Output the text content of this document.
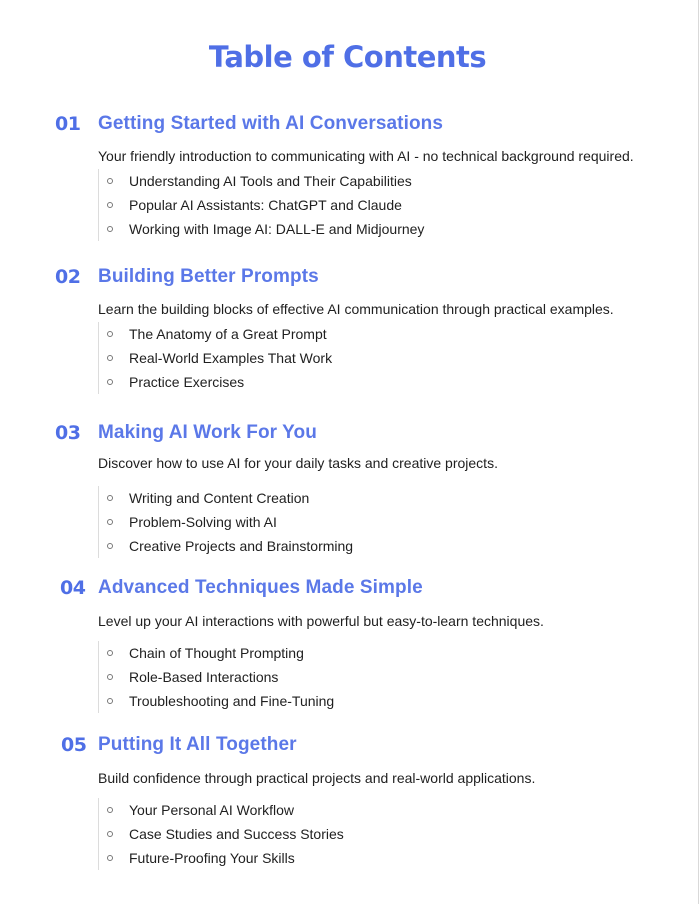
Table of Contents
01 Getting Started with AI Conversations

Your friendly introduction to communicating with AI - no technical background required.

Understanding AI Tools and Their Capabilities
Popular AI Assistants: ChatGPT and Claude
Working with Image AI: DALL-E and Midjourney
02 Building Better Prompts

Learn the building blocks of effective AI communication through practical examples.

The Anatomy of a Great Prompt
Real-World Examples That Work
Practice Exercises
03 Making AI Work For You

Discover how to use AI for your daily tasks and creative projects.

Writing and Content Creation
Problem-Solving with AI
Creative Projects and Brainstorming
04 Advanced Techniques Made Simple

Level up your AI interactions with powerful but easy-to-learn techniques.

Chain of Thought Prompting
Role-Based Interactions
Troubleshooting and Fine-Tuning
05 Putting It All Together

Build confidence through practical projects and real-world applications.

Your Personal AI Workflow
Case Studies and Success Stories
Future-Proofing Your Skills
